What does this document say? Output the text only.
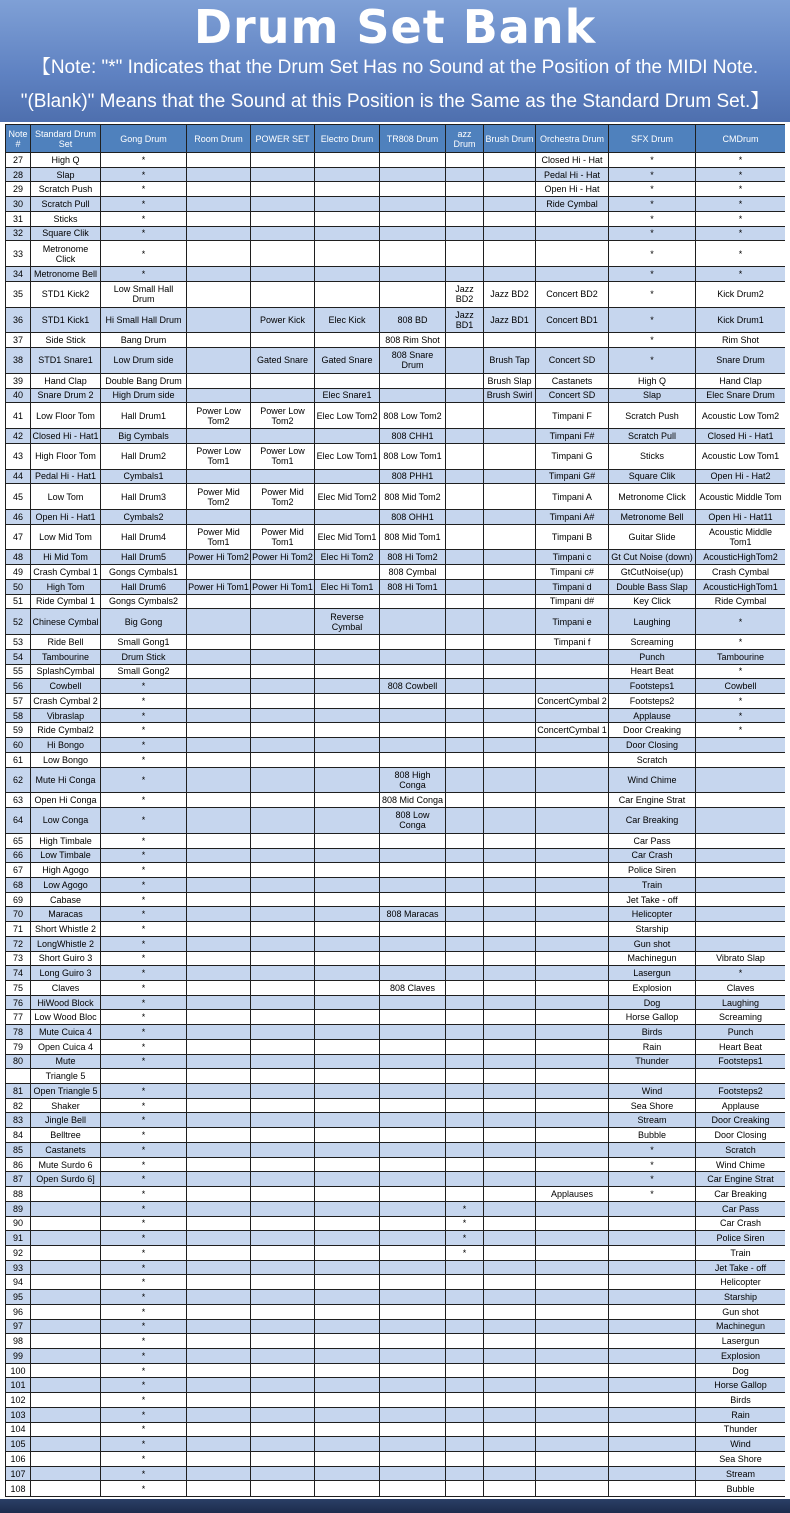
Drum Set Bank
【Note: "*" Indicates that the Drum Set Has no Sound at the Position of the MIDI Note.
"(Blank)" Means that the Sound at this Position is the Same as the Standard Drum Set.】
Note #	Standard Drum Set	Gong Drum	Room Drum	POWER SET	Electro Drum	TR808 Drum	azz Drum	Brush Drum	Orchestra Drum	SFX Drum	CMDrum
27	High Q	*							Closed Hi - Hat	*	*
28	Slap	*							Pedal Hi - Hat	*	*
29	Scratch Push	*							Open Hi - Hat	*	*
30	Scratch Pull	*							Ride Cymbal	*	*
31	Sticks	*								*	*
32	Square Clik	*								*	*
33	Metronome Click	*								*	*
34	Metronome Bell	*								*	*
35	STD1 Kick2	Low Small Hall Drum					Jazz BD2	Jazz BD2	Concert BD2	*	Kick Drum2
36	STD1 Kick1	Hi Small Hall Drum		Power Kick	Elec Kick	808 BD	Jazz BD1	Jazz BD1	Concert BD1	*	Kick Drum1
37	Side Stick	Bang Drum				808 Rim Shot				*	Rim Shot
38	STD1 Snare1	Low Drum side		Gated Snare	Gated Snare	808 Snare Drum		Brush Tap	Concert SD	*	Snare Drum
39	Hand Clap	Double Bang Drum						Brush Slap	Castanets	High Q	Hand Clap
40	Snare Drum 2	High Drum side			Elec Snare1			Brush Swirl	Concert SD	Slap	Elec Snare Drum
41	Low Floor Tom	Hall Drum1	Power Low Tom2	Power Low Tom2	Elec Low Tom2	808 Low Tom2			Timpani F	Scratch Push	Acoustic Low Tom2
42	Closed Hi - Hat1	Big Cymbals				808 CHH1			Timpani F#	Scratch Pull	Closed Hi - Hat1
43	High Floor Tom	Hall Drum2	Power Low Tom1	Power Low Tom1	Elec Low Tom1	808 Low Tom1			Timpani G	Sticks	Acoustic Low Tom1
44	Pedal Hi - Hat1	Cymbals1				808 PHH1			Timpani G#	Square Clik	Open Hi - Hat2
45	Low Tom	Hall Drum3	Power Mid Tom2	Power Mid Tom2	Elec Mid Tom2	808 Mid Tom2			Timpani A	Metronome Click	Acoustic Middle Tom
46	Open Hi - Hat1	Cymbals2				808 OHH1			Timpani A#	Metronome Bell	Open Hi - Hat11
47	Low Mid Tom	Hall Drum4	Power Mid Tom1	Power Mid Tom1	Elec Mid Tom1	808 Mid Tom1			Timpani B	Guitar Slide	Acoustic Middle Tom1
48	Hi Mid Tom	Hall Drum5	Power Hi Tom2	Power Hi Tom2	Elec Hi Tom2	808 Hi Tom2			Timpani c	Gt Cut Noise (down)	AcousticHighTom2
49	Crash Cymbal 1	Gongs Cymbals1				808 Cymbal			Timpani c#	GtCutNoise(up)	Crash Cymbal
50	High Tom	Hall Drum6	Power Hi Tom1	Power Hi Tom1	Elec Hi Tom1	808 Hi Tom1			Timpani d	Double Bass Slap	AcousticHighTom1
51	Ride Cymbal 1	Gongs Cymbals2							Timpani d#	Key Click	Ride Cymbal
52	Chinese Cymbal	Big Gong			Reverse Cymbal				Timpani e	Laughing	*
53	Ride Bell	Small Gong1							Timpani f	Screaming	*
54	Tambourine	Drum Stick								Punch	Tambourine
55	SplashCymbal	Small Gong2								Heart Beat	*
56	Cowbell	*				808 Cowbell				Footsteps1	Cowbell
57	Crash Cymbal 2	*							ConcertCymbal 2	Footsteps2	*
58	Vibraslap	*								Applause	*
59	Ride Cymbal2	*							ConcertCymbal 1	Door Creaking	*
60	Hi Bongo	*								Door Closing	
61	Low Bongo	*								Scratch	
62	Mute Hi Conga	*				808 High Conga				Wind Chime	
63	Open Hi Conga	*				808 Mid Conga				Car Engine Strat	
64	Low Conga	*				808 Low Conga				Car Breaking	
65	High Timbale	*								Car Pass	
66	Low Timbale	*								Car Crash	
67	High Agogo	*								Police Siren	
68	Low Agogo	*								Train	
69	Cabase	*								Jet Take - off	
70	Maracas	*				808 Maracas				Helicopter	
71	Short Whistle 2	*								Starship	
72	LongWhistle 2	*								Gun shot	
73	Short Guiro 3	*								Machinegun	Vibrato Slap
74	Long Guiro 3	*								Lasergun	*
75	Claves	*				808 Claves				Explosion	Claves
76	HiWood Block	*								Dog	Laughing
77	Low Wood Bloc	*								Horse Gallop	Screaming
78	Mute Cuica 4	*								Birds	Punch
79	Open Cuica 4	*								Rain	Heart Beat
80	Mute	*								Thunder	Footsteps1
	Triangle 5										
81	Open Triangle 5	*								Wind	Footsteps2
82	Shaker	*								Sea Shore	Applause
83	Jingle Bell	*								Stream	Door Creaking
84	Belltree	*								Bubble	Door Closing
85	Castanets	*								*	Scratch
86	Mute Surdo 6	*								*	Wind Chime
87	Open Surdo 6]	*								*	Car Engine Strat
88		*							Applauses	*	Car Breaking
89		*					*				Car Pass
90		*					*				Car Crash
91		*					*				Police Siren
92		*					*				Train
93		*									Jet Take - off
94		*									Helicopter
95		*									Starship
96		*									Gun shot
97		*									Machinegun
98		*									Lasergun
99		*									Explosion
100		*									Dog
101		*									Horse Gallop
102		*									Birds
103		*									Rain
104		*									Thunder
105		*									Wind
106		*									Sea Shore
107		*									Stream
108		*									Bubble
